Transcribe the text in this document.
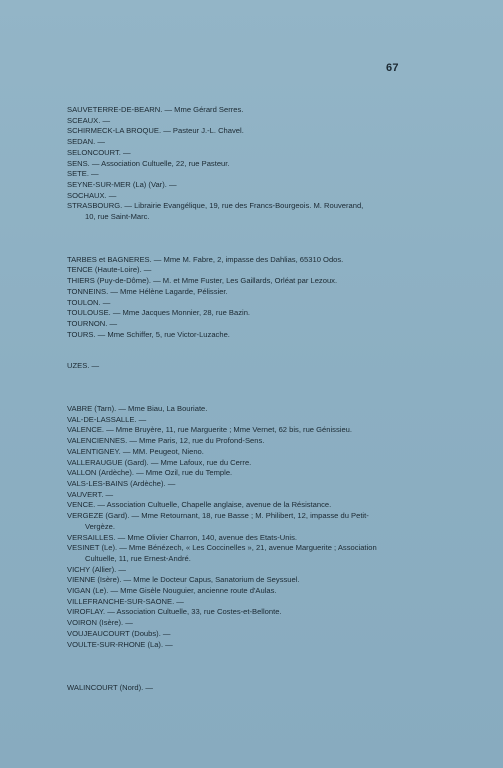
67
SAUVETERRE-DE-BEARN. — Mme Gérard Serres.
SCEAUX. —
SCHIRMECK-LA BROQUE. — Pasteur J.-L. Chavel.
SEDAN. —
SELONCOURT. —
SENS. — Association Cultuelle, 22, rue Pasteur.
SETE. —
SEYNE-SUR-MER (La) (Var). —
SOCHAUX. —
STRASBOURG. — Librairie Evangélique, 19, rue des Francs-Bourgeois. M. Rouverand,
10, rue Saint-Marc.
TARBES et BAGNERES. — Mme M. Fabre, 2, impasse des Dahlias, 65310 Odos.
TENCE (Haute-Loire). —
THIERS (Puy-de-Dôme). — M. et Mme Fuster, Les Gaillards, Orléat par Lezoux.
TONNEINS. — Mme Hélène Lagarde, Pélissier.
TOULON. —
TOULOUSE. — Mme Jacques Monnier, 28, rue Bazin.
TOURNON. —
TOURS. — Mme Schiffer, 5, rue Victor-Luzache.
UZES. —
VABRE (Tarn). — Mme Biau, La Bouriate.
VAL-DE-LASSALLE. —
VALENCE. — Mme Bruyère, 11, rue Marguerite ; Mme Vernet, 62 bis, rue Génissieu.
VALENCIENNES. — Mme Paris, 12, rue du Profond-Sens.
VALENTIGNEY. — MM. Peugeot, Nieno.
VALLERAUGUE (Gard). — Mme Lafoux, rue du Cerre.
VALLON (Ardèche). — Mme Ozil, rue du Temple.
VALS-LES-BAINS (Ardèche). —
VAUVERT. —
VENCE. — Association Cultuelle, Chapelle anglaise, avenue de la Résistance.
VERGEZE (Gard). — Mme Retournant, 18, rue Basse ; M. Philibert, 12, impasse du Petit-
Vergèze.
VERSAILLES. — Mme Olivier Charron, 140, avenue des Etats-Unis.
VESINET (Le). — Mme Bénézech, « Les Coccinelles », 21, avenue Marguerite ; Association
Cultuelle, 11, rue Ernest-André.
VICHY (Allier). —
VIENNE (Isère). — Mme le Docteur Capus, Sanatorium de Seyssuel.
VIGAN (Le). — Mme Gisèle Nouguier, ancienne route d'Aulas.
VILLEFRANCHE-SUR-SAONE. —
VIROFLAY. — Association Cultuelle, 33, rue Costes-et-Bellonte.
VOIRON (Isère). —
VOUJEAUCOURT (Doubs). —
VOULTE-SUR-RHONE (La). —
WALINCOURT (Nord). —
